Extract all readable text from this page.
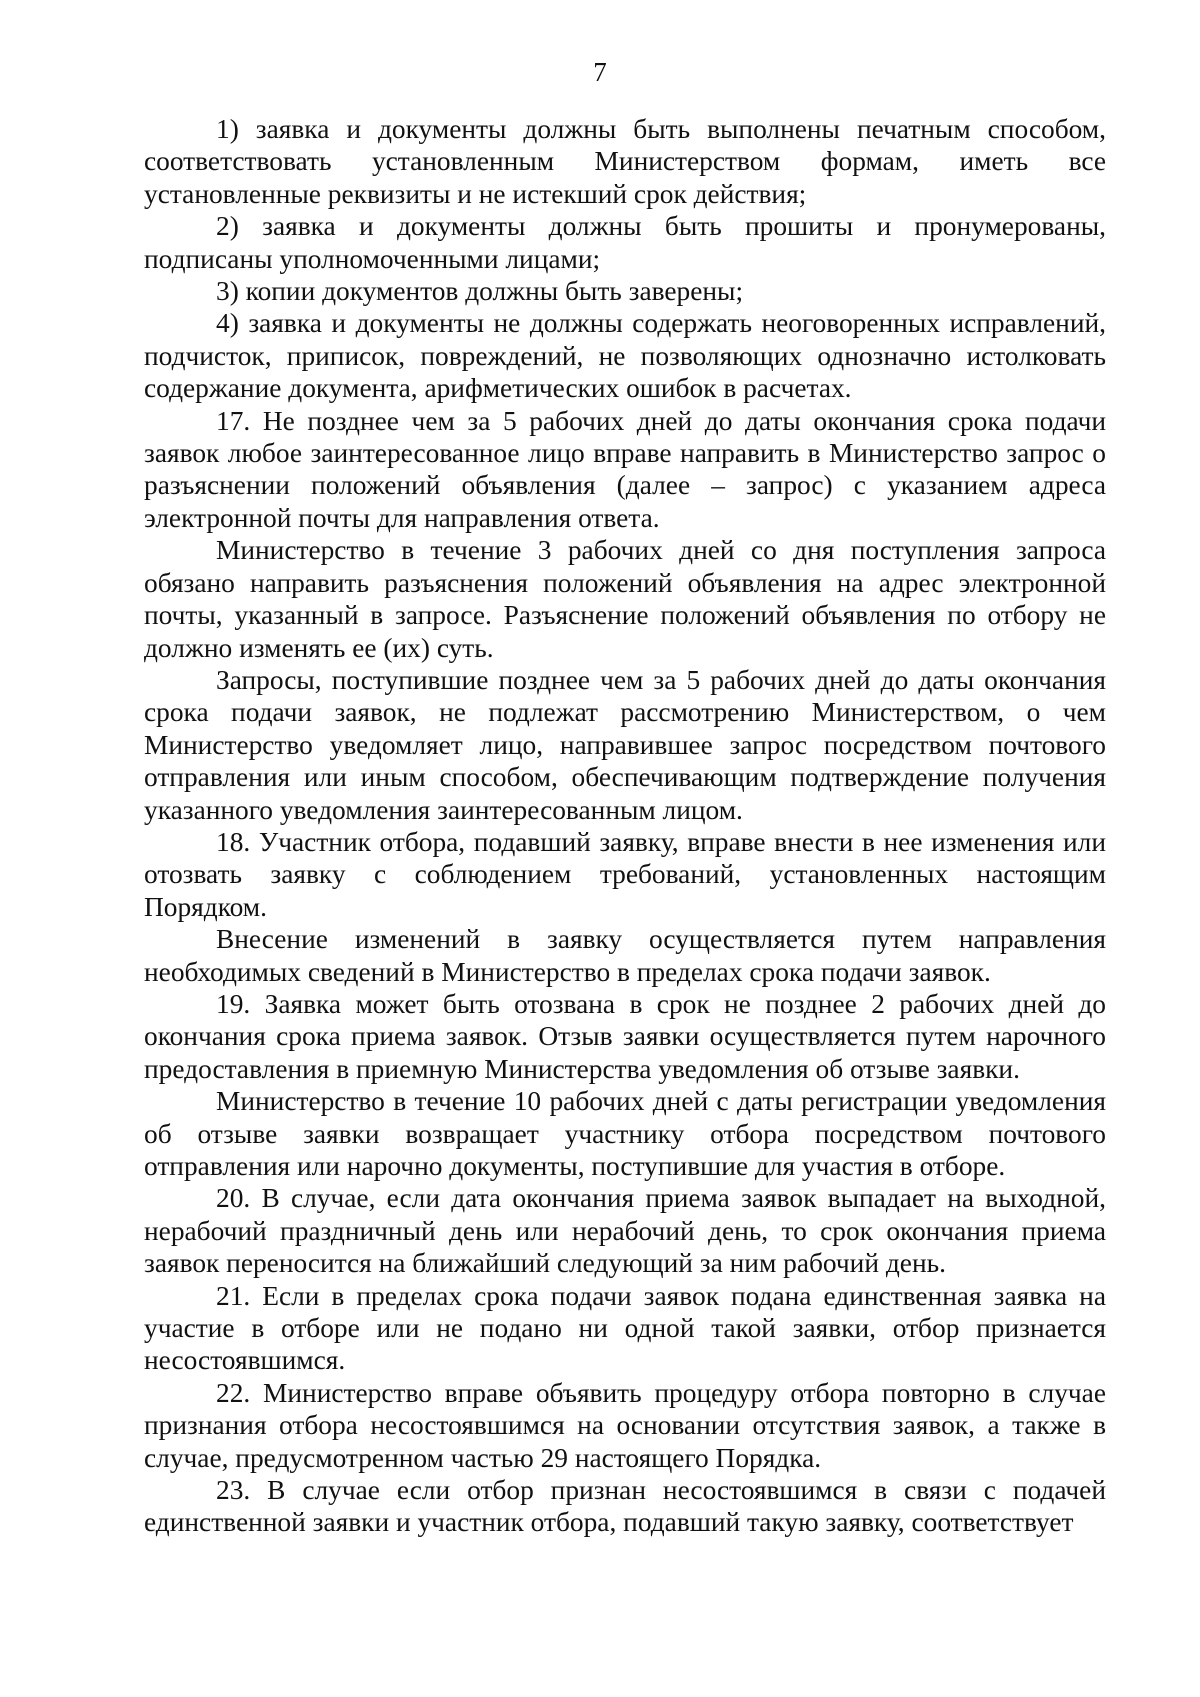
7

1) заявка и документы должны быть выполнены печатным способом, соответствовать установленным Министерством формам, иметь все установленные реквизиты и не истекший срок действия;

2) заявка и документы должны быть прошиты и пронумерованы, подписаны уполномоченными лицами;

3) копии документов должны быть заверены;

4) заявка и документы не должны содержать неоговоренных исправлений, подчисток, приписок, повреждений, не позволяющих однозначно истолковать содержание документа, арифметических ошибок в расчетах.

17. Не позднее чем за 5 рабочих дней до даты окончания срока подачи заявок любое заинтересованное лицо вправе направить в Министерство запрос о разъяснении положений объявления (далее – запрос) с указанием адреса электронной почты для направления ответа.

Министерство в течение 3 рабочих дней со дня поступления запроса обязано направить разъяснения положений объявления на адрес электронной почты, указанный в запросе. Разъяснение положений объявления по отбору не должно изменять ее (их) суть.

Запросы, поступившие позднее чем за 5 рабочих дней до даты окончания срока подачи заявок, не подлежат рассмотрению Министерством, о чем Министерство уведомляет лицо, направившее запрос посредством почтового отправления или иным способом, обеспечивающим подтверждение получения указанного уведомления заинтересованным лицом.

18. Участник отбора, подавший заявку, вправе внести в нее изменения или отозвать заявку с соблюдением требований, установленных настоящим Порядком.

Внесение изменений в заявку осуществляется путем направления необходимых сведений в Министерство в пределах срока подачи заявок.

19. Заявка может быть отозвана в срок не позднее 2 рабочих дней до окончания срока приема заявок. Отзыв заявки осуществляется путем нарочного предоставления в приемную Министерства уведомления об отзыве заявки.

Министерство в течение 10 рабочих дней с даты регистрации уведомления об отзыве заявки возвращает участнику отбора посредством почтового отправления или нарочно документы, поступившие для участия в отборе.

20. В случае, если дата окончания приема заявок выпадает на выходной, нерабочий праздничный день или нерабочий день, то срок окончания приема заявок переносится на ближайший следующий за ним рабочий день.

21. Если в пределах срока подачи заявок подана единственная заявка на участие в отборе или не подано ни одной такой заявки, отбор признается несостоявшимся.

22. Министерство вправе объявить процедуру отбора повторно в случае признания отбора несостоявшимся на основании отсутствия заявок, а также в случае, предусмотренном частью 29 настоящего Порядка.

23. В случае если отбор признан несостоявшимся в связи с подачей единственной заявки и участник отбора, подавший такую заявку, соответствует
